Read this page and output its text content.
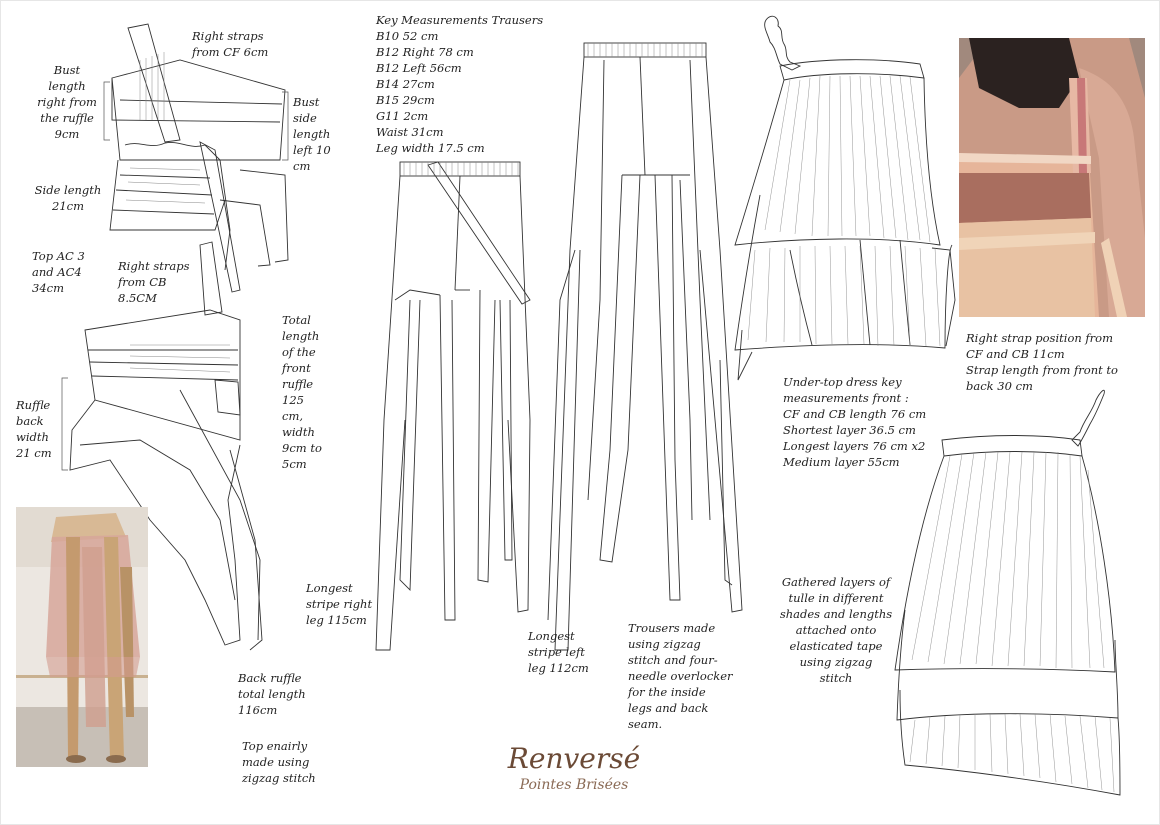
Right straps
from CF 6cm
Bust
length
right from
the ruffle
9cm
Bust
side
length
left 10
cm
Side length
21cm
Top AC 3
and AC4
34cm
Right straps
from CB
8.5CM
Total
length
of the
front
ruffle
125
cm,
width
9cm to
5cm
Ruffle
back
width
21 cm
Back ruffle
total length
116cm
Top enairly
made using
zigzag stitch
Key Measurements Trausers
B10 52 cm
B12 Right 78 cm
B12 Left 56cm
B14 27cm
B15 29cm
G11 2cm
Waist 31cm
Leg width 17.5 cm
Longest
stripe right
leg 115cm
Longest
stripe left
leg 112cm
Trousers made
using zigzag
stitch and four-
needle overlocker
for the inside
legs and back
seam.
Right strap position from
CF and CB 11cm
Strap length from front to
back 30 cm
Under-top dress key
measurements front :
CF and CB length 76 cm
Shortest layer 36.5 cm
Longest layers 76 cm x2
Medium layer 55cm
Gathered layers of
tulle in different
shades and lengths
attached onto
elasticated tape
using zigzag
stitch
Renversé
Pointes Brisées
